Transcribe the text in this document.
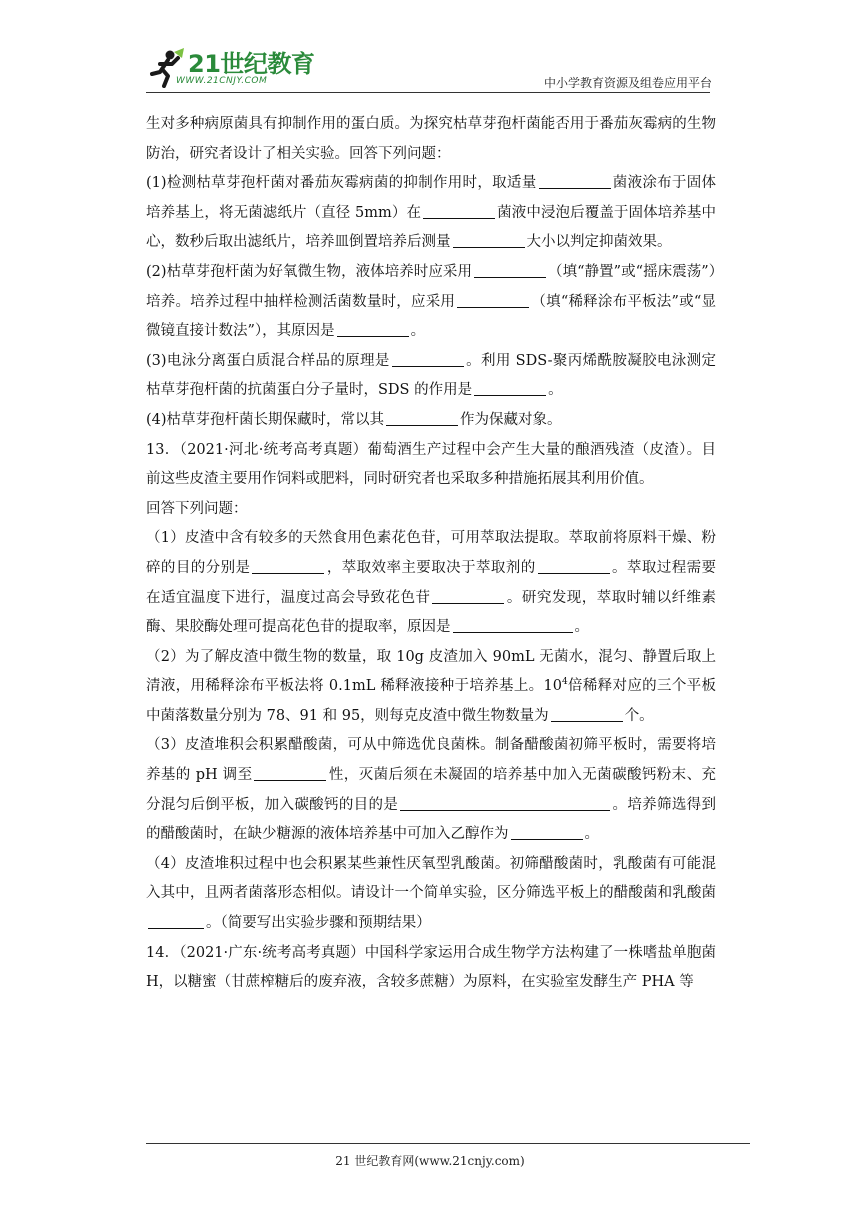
21世纪教育
WWW.21CNJY.COM	中小学教育资源及组卷应用平台

生对多种病原菌具有抑制作用的蛋白质。为探究枯草芽孢杆菌能否用于番茄灰霉病的生物防治，研究者设计了相关实验。回答下列问题：

(1)检测枯草芽孢杆菌对番茄灰霉病菌的抑制作用时，取适量	菌液涂布于固体培养基上，将无菌滤纸片（直径 5mm）在	菌液中浸泡后覆盖于固体培养基中心，数秒后取出滤纸片，培养皿倒置培养后测量	大小以判定抑菌效果。

(2)枯草芽孢杆菌为好氧微生物，液体培养时应采用	（填“静置”或“摇床震荡”）培养。培养过程中抽样检测活菌数量时，应采用	（填“稀释涂布平板法”或“显微镜直接计数法”），其原因是	。

(3)电泳分离蛋白质混合样品的原理是	。利用 SDS-聚丙烯酰胺凝胶电泳测定枯草芽孢杆菌的抗菌蛋白分子量时，SDS 的作用是	。

(4)枯草芽孢杆菌长期保藏时，常以其	作为保藏对象。

13．（2021·河北·统考高考真题）葡萄酒生产过程中会产生大量的酿酒残渣（皮渣）。目前这些皮渣主要用作饲料或肥料，同时研究者也采取多种措施拓展其利用价值。

回答下列问题：

（1）皮渣中含有较多的天然食用色素花色苷，可用萃取法提取。萃取前将原料干燥、粉碎的目的分别是	，萃取效率主要取决于萃取剂的	。萃取过程需要在适宜温度下进行，温度过高会导致花色苷	。研究发现，萃取时辅以纤维素酶、果胶酶处理可提高花色苷的提取率，原因是	。

（2）为了解皮渣中微生物的数量，取 10g 皮渣加入 90mL 无菌水，混匀、静置后取上清液，用稀释涂布平板法将 0.1mL 稀释液接种于培养基上。$10^4$倍稀释对应的三个平板中菌落数量分别为 78、91 和 95，则每克皮渣中微生物数量为	个。

（3）皮渣堆积会积累醋酸菌，可从中筛选优良菌株。制备醋酸菌初筛平板时，需要将培养基的 pH 调至	性，灭菌后须在未凝固的培养基中加入无菌碳酸钙粉末、充分混匀后倒平板，加入碳酸钙的目的是	。培养筛选得到的醋酸菌时，在缺少糖源的液体培养基中可加入乙醇作为	。

（4）皮渣堆积过程中也会积累某些兼性厌氧型乳酸菌。初筛醋酸菌时，乳酸菌有可能混入其中，且两者菌落形态相似。请设计一个简单实验，区分筛选平板上的醋酸菌和乳酸菌。（简要写出实验步骤和预期结果）

14．（2021·广东·统考高考真题）中国科学家运用合成生物学方法构建了一株嗜盐单胞菌 H，以糖蜜（甘蔗榨糖后的废弃液，含较多蔗糖）为原料，在实验室发酵生产 PHA 等

21 世纪教育网(www.21cnjy.com)
